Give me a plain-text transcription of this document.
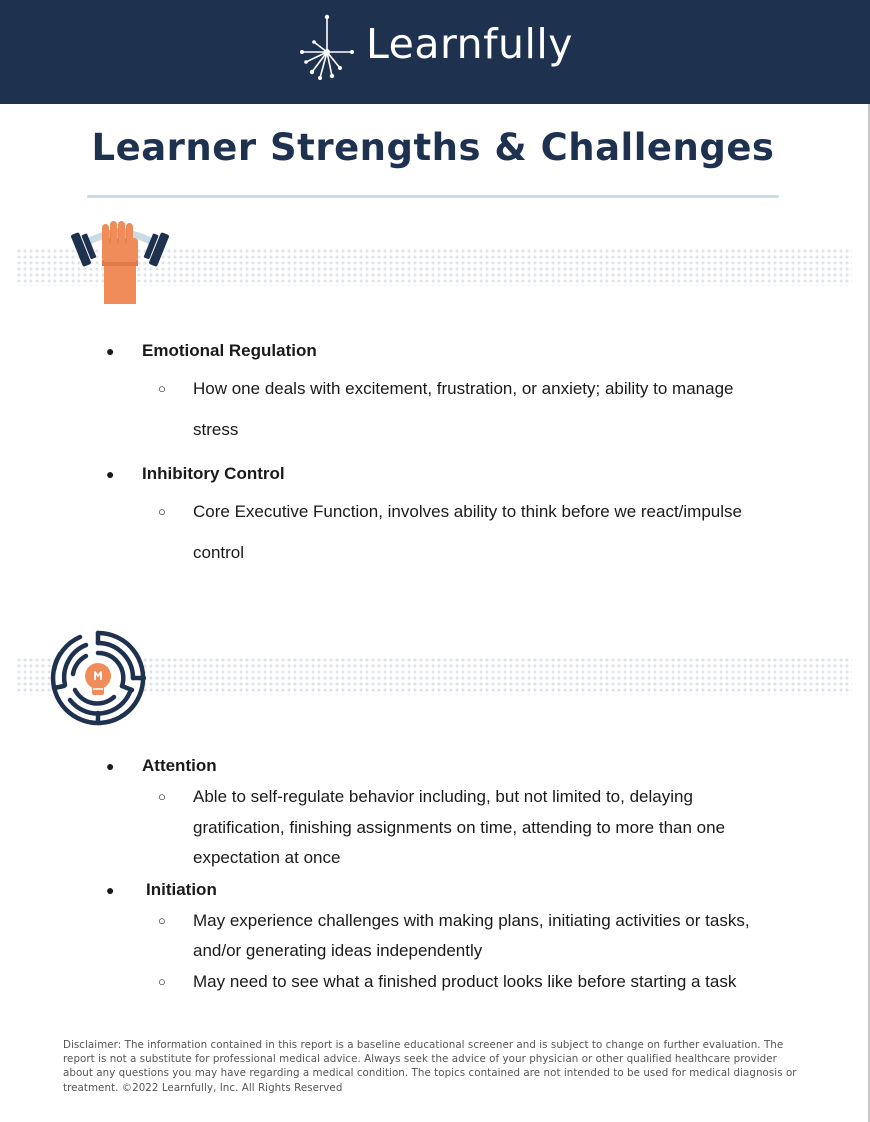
Learnfully
Learner Strengths & Challenges
● Emotional Regulation
○ How one deals with excitement, frustration, or anxiety; ability to manage stress
● Inhibitory Control
○ Core Executive Function, involves ability to think before we react/impulse control
● Attention
○ Able to self-regulate behavior including, but not limited to, delaying gratification, finishing assignments on time, attending to more than one expectation at once
● Initiation
○ May experience challenges with making plans, initiating activities or tasks, and/or generating ideas independently
○ May need to see what a finished product looks like before starting a task
Disclaimer: The information contained in this report is a baseline educational screener and is subject to change on further evaluation. The report is not a substitute for professional medical advice. Always seek the advice of your physician or other qualified healthcare provider about any questions you may have regarding a medical condition. The topics contained are not intended to be used for medical diagnosis or treatment. ©2022 Learnfully, Inc. All Rights Reserved
